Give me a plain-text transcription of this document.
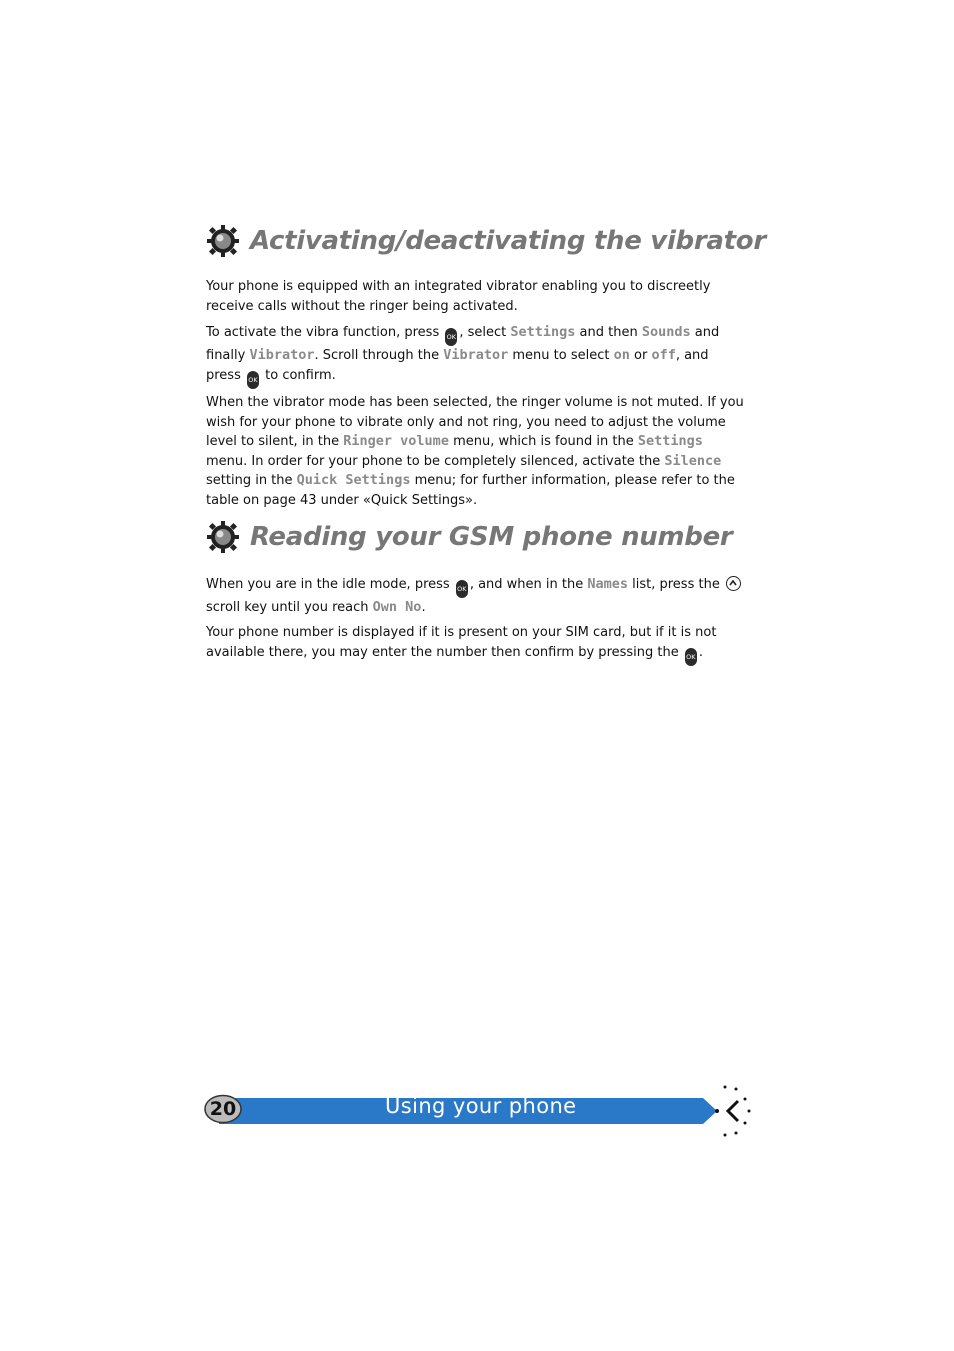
Activating/deactivating the vibrator
Your phone is equipped with an integrated vibrator enabling you to discreetly receive calls without the ringer being activated.
To activate the vibra function, press OK , select Settings and then Sounds and finally Vibrator. Scroll through the Vibrator menu to select on or off, and press OK to confirm.
When the vibrator mode has been selected, the ringer volume is not muted. If you wish for your phone to vibrate only and not ring, you need to adjust the volume level to silent, in the Ringer volume menu, which is found in the Settings menu. In order for your phone to be completely silenced, activate the Silence setting in the Quick Settings menu; for further information, please refer to the table on page 43 under «Quick Settings».
Reading your GSM phone number
When you are in the idle mode, press OK , and when in the Names list, press the
scroll key until you reach Own No.
Your phone number is displayed if it is present on your SIM card, but if it is not available there, you may enter the number then confirm by pressing the OK .
20	Using your phone
